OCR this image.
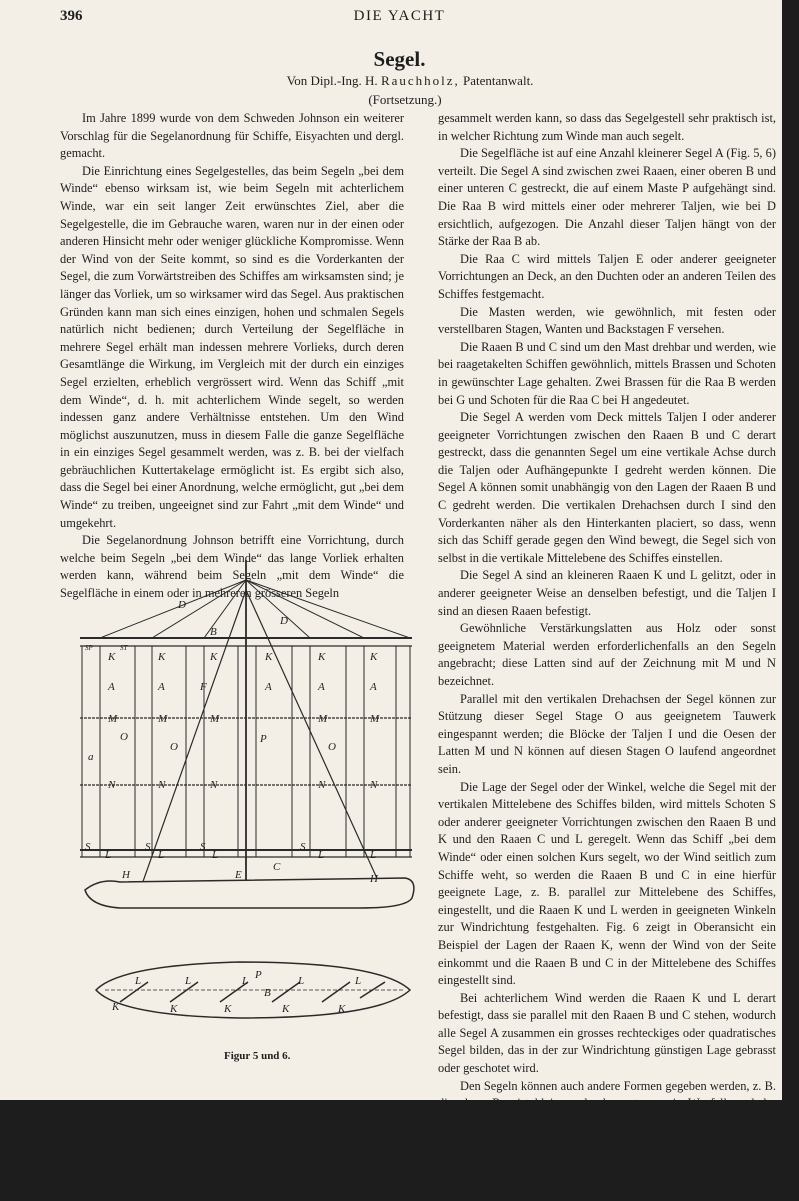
396	DIE YACHT
Segel.
Von Dipl.-Ing. H. Rauchholz, Patentanwalt.
(Fortsetzung.)

Im Jahre 1899 wurde von dem Schweden Johnson ein weiterer Vorschlag für die Segelanordnung für Schiffe, Eisyachten und dergl. gemacht.

Die Einrichtung eines Segelgestelles, das beim Segeln „bei dem Winde“ ebenso wirksam ist, wie beim Segeln mit achterlichem Winde, war ein seit langer Zeit erwünschtes Ziel, aber die Segelgestelle, die im Gebrauche waren, waren nur in der einen oder anderen Hinsicht mehr oder weniger glückliche Kompromisse. Wenn der Wind von der Seite kommt, so sind es die Vorderkanten der Segel, die zum Vorwärtstreiben des Schiffes am wirksamsten sind; je länger das Vorliek, um so wirksamer wird das Segel. Aus praktischen Gründen kann man sich eines einzigen, hohen und schmalen Segels natürlich nicht bedienen; durch Verteilung der Segelfläche in mehrere Segel erhält man indessen mehrere Vorlieks, durch deren Gesamtlänge die Wirkung, im Vergleich mit der durch ein einziges Segel erzielten, erheblich vergrössert wird. Wenn das Schiff „mit dem Winde“, d. h. mit achterlichem Winde segelt, so werden indessen ganz andere Verhältnisse entstehen. Um den Wind möglichst auszunutzen, muss in diesem Falle die ganze Segelfläche in ein einziges Segel gesammelt werden, was z. B. bei der vielfach gebräuchlichen Kuttertakelage ermöglicht ist. Es ergibt sich also, dass die Segel bei einer Anordnung, welche ermöglicht, gut „bei dem Winde“ zu treiben, ungeeignet sind zur Fahrt „mit dem Winde“ und umgekehrt.

Die Segelanordnung Johnson betrifft eine Vorrichtung, durch welche beim Segeln „bei dem Winde“ das lange Vorliek erhalten werden kann, während beim Segeln „mit dem Winde“ die Segelfläche in einem oder in mehreren grösseren Segeln

gesammelt werden kann, so dass das Segelgestell sehr praktisch ist, in welcher Richtung zum Winde man auch segelt.

Die Segelfläche ist auf eine Anzahl kleinerer Segel A (Fig. 5, 6) verteilt. Die Segel A sind zwischen zwei Raaen, einer oberen B und einer unteren C gestreckt, die auf einem Maste P aufgehängt sind. Die Raa B wird mittels einer oder mehrerer Taljen, wie bei D ersichtlich, aufgezogen. Die Anzahl dieser Taljen hängt von der Stärke der Raa B ab.

Die Raa C wird mittels Taljen E oder anderer geeigneter Vorrichtungen an Deck, an den Duchten oder an anderen Teilen des Schiffes festgemacht.

Die Masten werden, wie gewöhnlich, mit festen oder verstellbaren Stagen, Wanten und Backstagen F versehen.

Die Raaen B und C sind um den Mast drehbar und werden, wie bei raagetakelten Schiffen gewöhnlich, mittels Brassen und Schoten in gewünschter Lage gehalten. Zwei Brassen für die Raa B werden bei G und Schoten für die Raa C bei H angedeutet.

Die Segel A werden vom Deck mittels Taljen I oder anderer geeigneter Vorrichtungen zwischen den Raaen B und C derart gestreckt, dass die genannten Segel um eine vertikale Achse durch die Taljen oder Aufhängepunkte I gedreht werden können. Die Segel A können somit unabhängig von den Lagen der Raaen B und C gedreht werden. Die vertikalen Drehachsen durch I sind den Vorderkanten näher als den Hinterkanten placiert, so dass, wenn sich das Schiff gerade gegen den Wind bewegt, die Segel sich von selbst in die vertikale Mittelebene des Schiffes einstellen.

Die Segel A sind an kleineren Raaen K und L gelitzt, oder in anderer geeigneter Weise an denselben befestigt, und die Taljen I sind an diesen Raaen befestigt.

Gewöhnliche Verstärkungslatten aus Holz oder sonst geeignetem Material werden erforderlichenfalls an den Segeln angebracht; diese Latten sind auf der Zeichnung mit M und N bezeichnet.

Parallel mit den vertikalen Drehachsen der Segel können zur Stützung dieser Segel Stage O aus geeignetem Tauwerk eingespannt werden; die Blöcke der Taljen I und die Oesen der Latten M und N können auf diesen Stagen O laufend angeordnet sein.

Die Lage der Segel oder der Winkel, welche die Segel mit der vertikalen Mittelebene des Schiffes bilden, wird mittels Schoten S oder anderer geeigneter Vorrichtungen zwischen den Raaen B und K und den Raaen C und L geregelt. Wenn das Schiff „bei dem Winde“ oder einen solchen Kurs segelt, wo der Wind seitlich zum Schiffe weht, so werden die Raaen B und C in eine hierfür geeignete Lage, z. B. parallel zur Mittelebene des Schiffes, eingestellt, und die Raaen K und L werden in geeigneten Winkeln zur Windrichtung festgehalten. Fig. 6 zeigt in Oberansicht ein Beispiel der Lagen der Raaen K, wenn der Wind von der Seite einkommt und die Raaen B und C in der Mittelebene des Schiffes eingestellt sind.

Bei achterlichem Wind werden die Raaen K und L derart befestigt, dass sie parallel mit den Raaen B und C stehen, wodurch alle Segel A zusammen ein grosses rechteckiges oder quadratisches Segel bilden, das in der zur Windrichtung günstigen Lage gebrasst oder geschotet wird.

Den Segeln können auch andere Formen gegeben werden, z. B. die obere Raa ist kleiner oder kommt ganz in Wegfall, und der äussere Umfang der gesammelten Segelfläche hat statt der rechteckigen eine dreieckige Form. Diese Anordnungen sind indessen keineswegs so wirksam wie die dargestellte.

An grösseren Schiffen können auch mehrere solche Rahmen wie B mit zwischen denselben gestreckten Segeln

D
B
D
SP	ST
K	K	K	K	K	K
A	A	F	A	A	A
M	M	M	M	M
O
O
P
O
a
N	N	N	N	N
S
L
S
L
S
L
S
L	L
C
E
H	H
K
L
K
L
K
L P
B
K
L
K
L
Figur 5 und 6.
